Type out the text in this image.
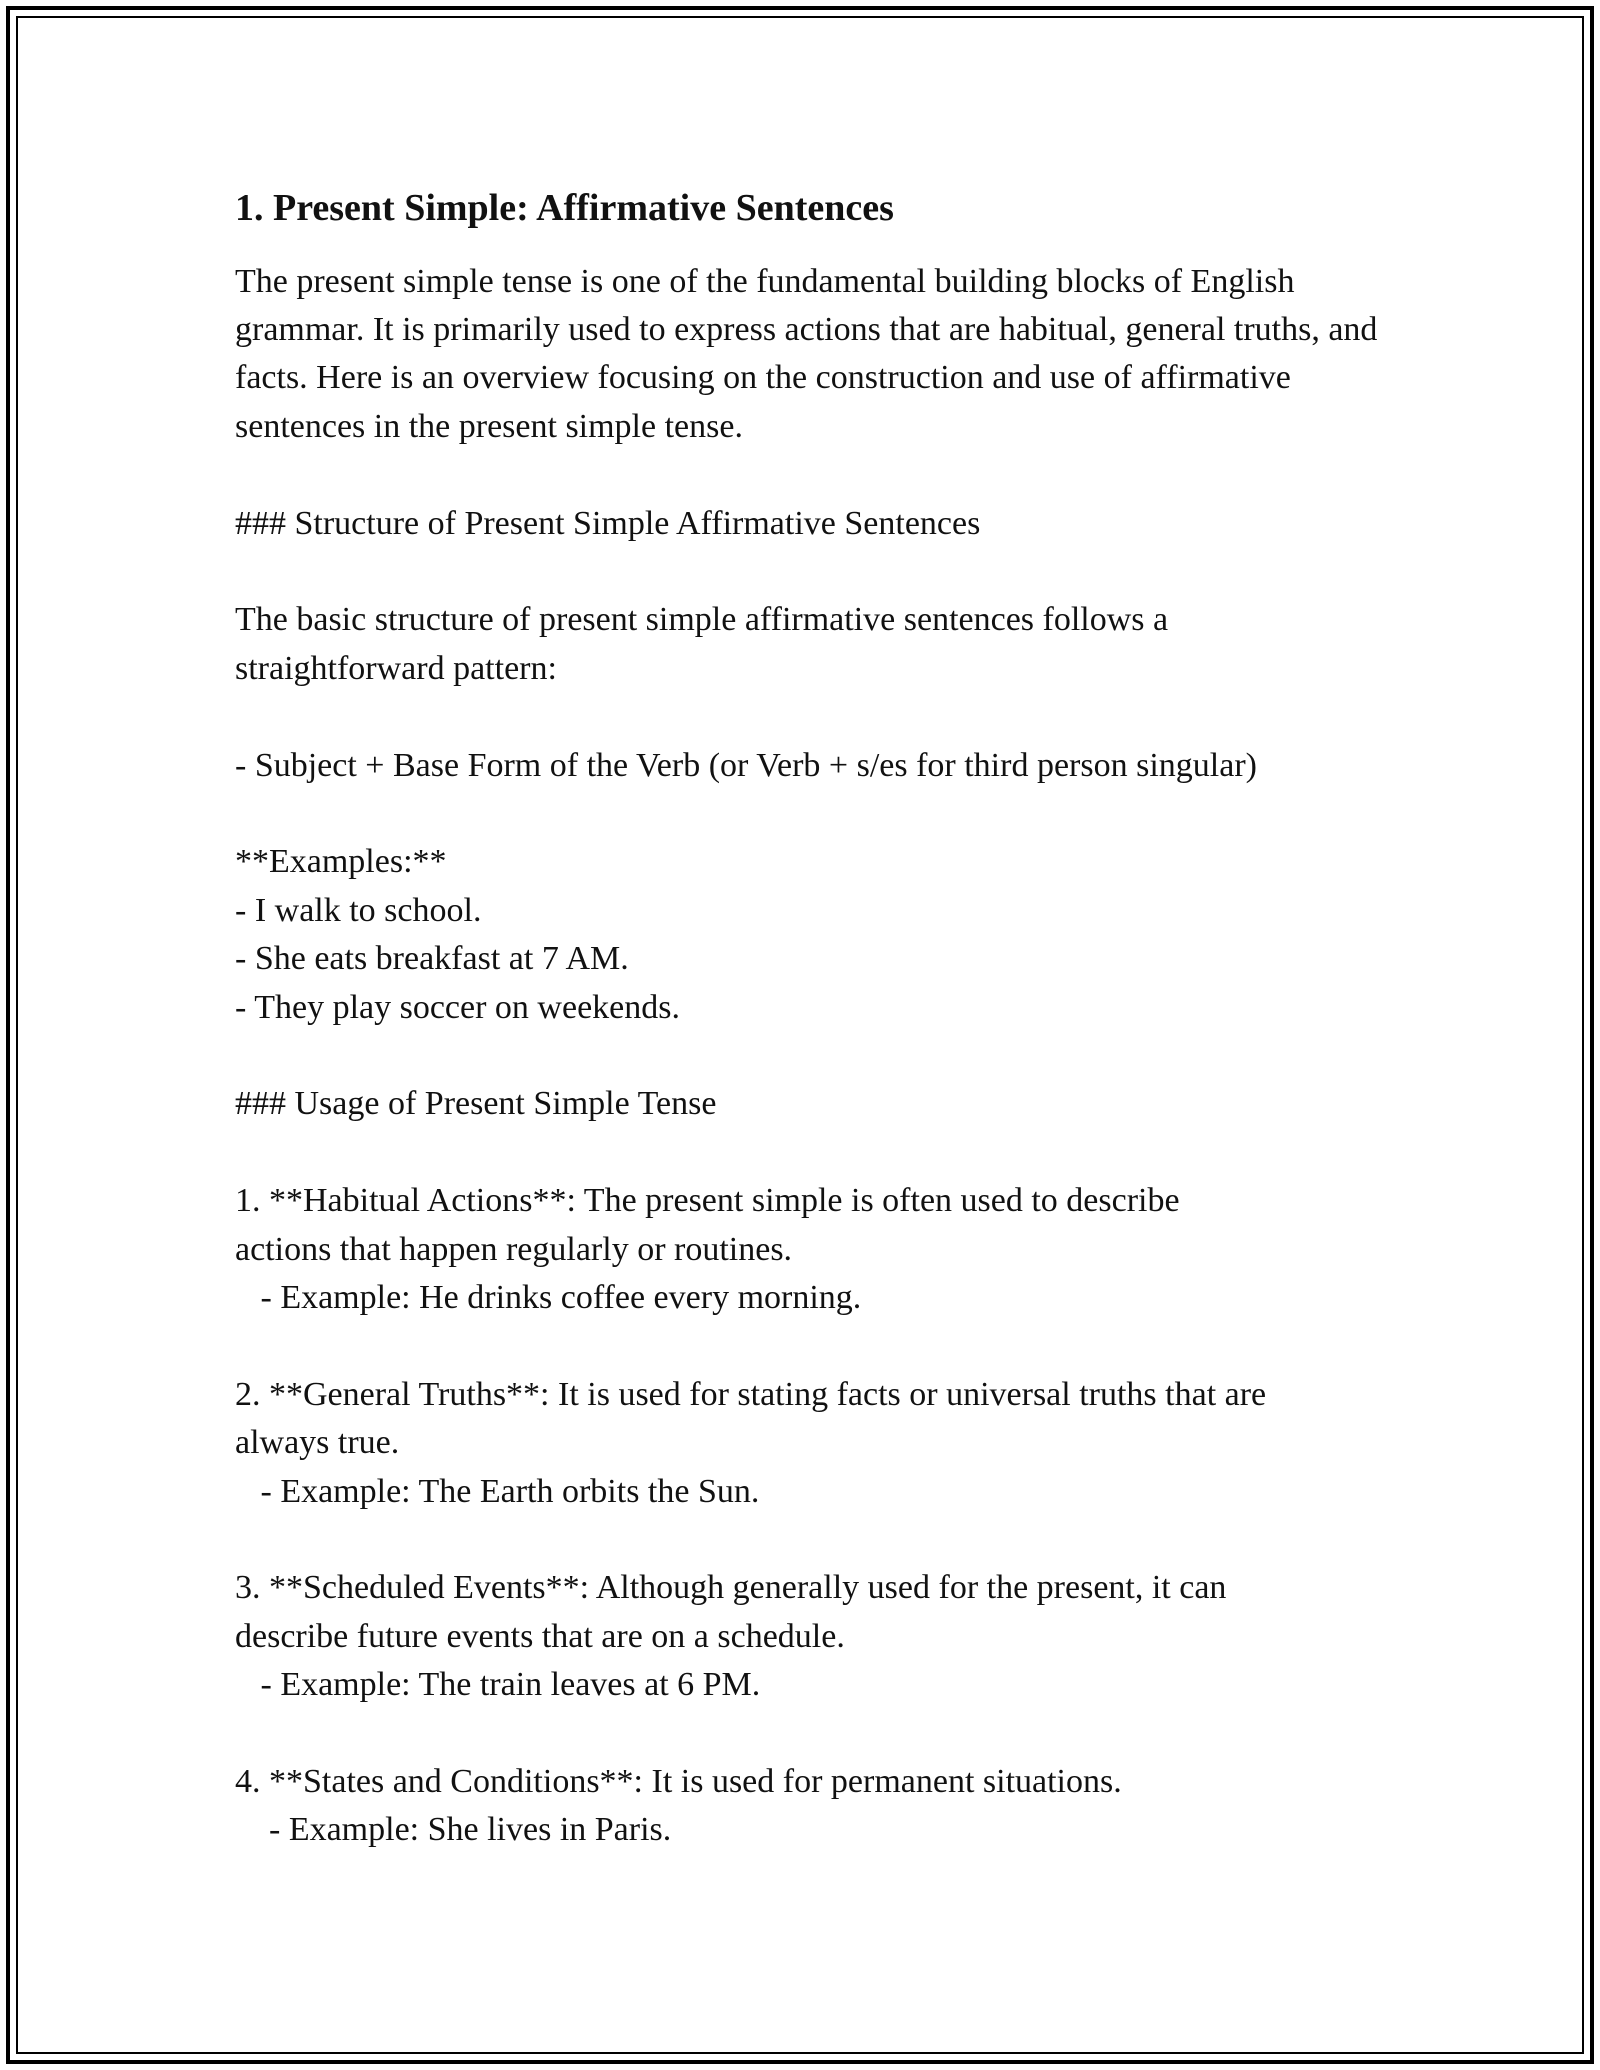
1. Present Simple: Affirmative Sentences
The present simple tense is one of the fundamental building blocks of English grammar. It is primarily used to express actions that are habitual, general truths, and facts. Here is an overview focusing on the construction and use of affirmative sentences in the present simple tense.
### Structure of Present Simple Affirmative Sentences
The basic structure of present simple affirmative sentences follows a
straightforward pattern:
- Subject + Base Form of the Verb (or Verb + s/es for third person singular)
**Examples:**
- I walk to school.
- She eats breakfast at 7 AM.
- They play soccer on weekends.
### Usage of Present Simple Tense
1. **Habitual Actions**: The present simple is often used to describe
actions that happen regularly or routines.
- Example: He drinks coffee every morning.
2. **General Truths**: It is used for stating facts or universal truths that are
always true.
- Example: The Earth orbits the Sun.
3. **Scheduled Events**: Although generally used for the present, it can
describe future events that are on a schedule.
- Example: The train leaves at 6 PM.
4. **States and Conditions**: It is used for permanent situations.
- Example: She lives in Paris.
